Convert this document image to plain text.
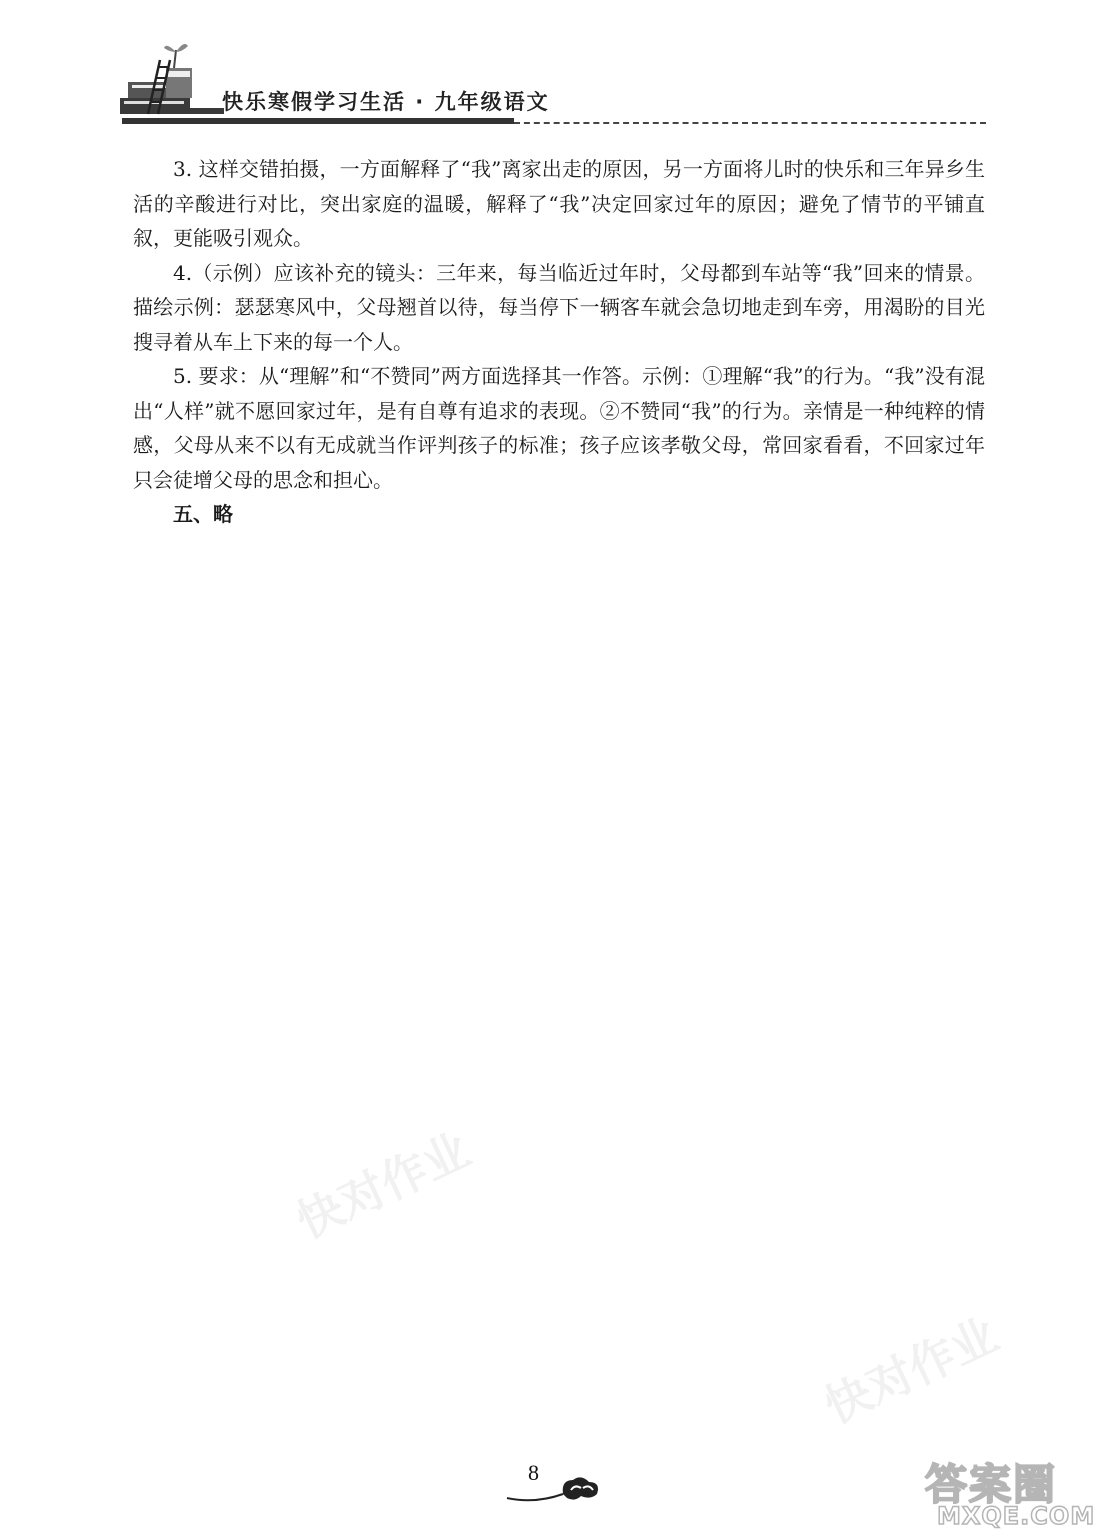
快乐寒假学习生活 · 九年级语文

3. 这样交错拍摄，一方面解释了“我”离家出走的原因，另一方面将儿时的快乐和三年异乡生活的辛酸进行对比，突出家庭的温暖，解释了“我”决定回家过年的原因；避免了情节的平铺直叙，更能吸引观众。

4.（示例）应该补充的镜头：三年来，每当临近过年时，父母都到车站等“我”回来的情景。描绘示例：瑟瑟寒风中，父母翘首以待，每当停下一辆客车就会急切地走到车旁，用渴盼的目光搜寻着从车上下来的每一个人。

5. 要求：从“理解”和“不赞同”两方面选择其一作答。示例：①理解“我”的行为。“我”没有混出“人样”就不愿回家过年，是有自尊有追求的表现。②不赞同“我”的行为。亲情是一种纯粹的情感，父母从来不以有无成就当作评判孩子的标准；孩子应该孝敬父母，常回家看看，不回家过年只会徒增父母的思念和担心。

五、略

快对作业
快对作业
8	答案圈
MXQE.COM
